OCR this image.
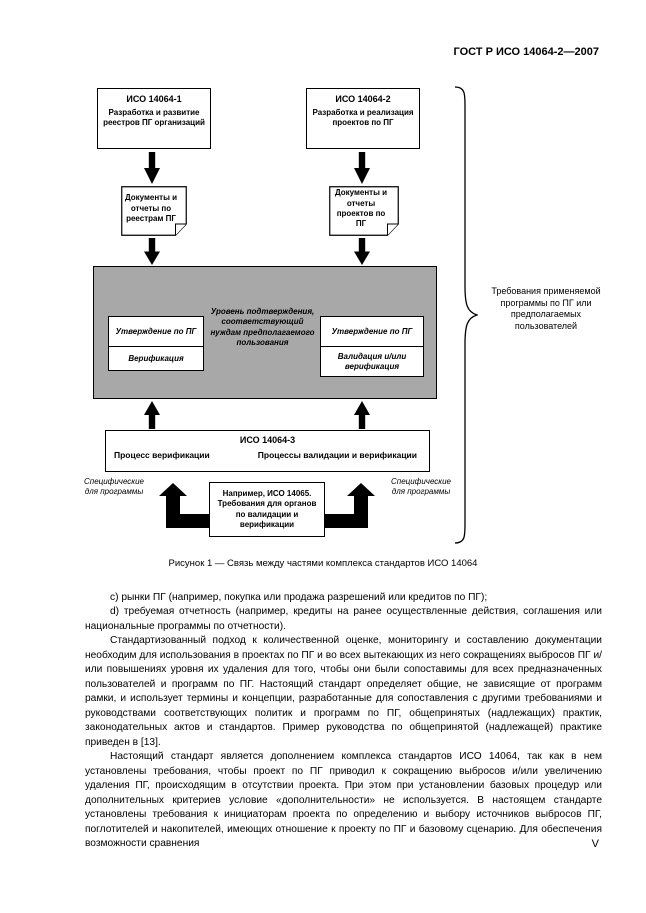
ГОСТ Р ИСО 14064-2—2007
ИСО 14064-1
Разработка и развитие реестров ПГ организаций
ИСО 14064-2
Разработка и реализация проектов по ПГ
Документы и отчеты по реестрам ПГ
Документы и отчеты проектов по ПГ
Утверждение по ПГ
Верификация
Уровень подтверждения, соответствующий нуждам предполагаемого пользования
Утверждение по ПГ
Валидация и/или верификация
ИСО 14064-3
Процесс верификации	Процессы валидации и верификации
Например, ИСО 14065. Требования для органов по валидации и верификации
Специфические для программы
Специфические для программы
Требования применяемой программы по ПГ или предполагаемых пользователей
Рисунок 1 — Связь между частями комплекса стандартов ИСО 14064

c) рынки ПГ (например, покупка или продажа разрешений или кредитов по ПГ);

d) требуемая отчетность (например, кредиты на ранее осуществленные действия, соглашения или национальные программы по отчетности).

Стандартизованный подход к количественной оценке, мониторингу и составлению документации необходим для использования в проектах по ПГ и во всех вытекающих из него сокращениях выбросов ПГ и/или повышениях уровня их удаления для того, чтобы они были сопоставимы для всех предназначенных пользователей и программ по ПГ. Настоящий стандарт определяет общие, не зависящие от программ рамки, и использует термины и концепции, разработанные для сопоставления с другими требованиями и руководствами соответствующих политик и программ по ПГ, общепринятых (надлежащих) практик, законодательных актов и стандартов. Пример руководства по общепринятой (надлежащей) практике приведен в [13].

Настоящий стандарт является дополнением комплекса стандартов ИСО 14064, так как в нем установлены требования, чтобы проект по ПГ приводил к сокращению выбросов и/или увеличению удаления ПГ, происходящим в отсутствии проекта. При этом при установлении базовых процедур или дополнительных критериев условие «дополнительности» не используется. В настоящем стандарте установлены требования к инициаторам проекта по определению и выбору источников выбросов ПГ, поглотителей и накопителей, имеющих отношение к проекту по ПГ и базовому сценарию. Для обеспечения возможности сравнения	V
